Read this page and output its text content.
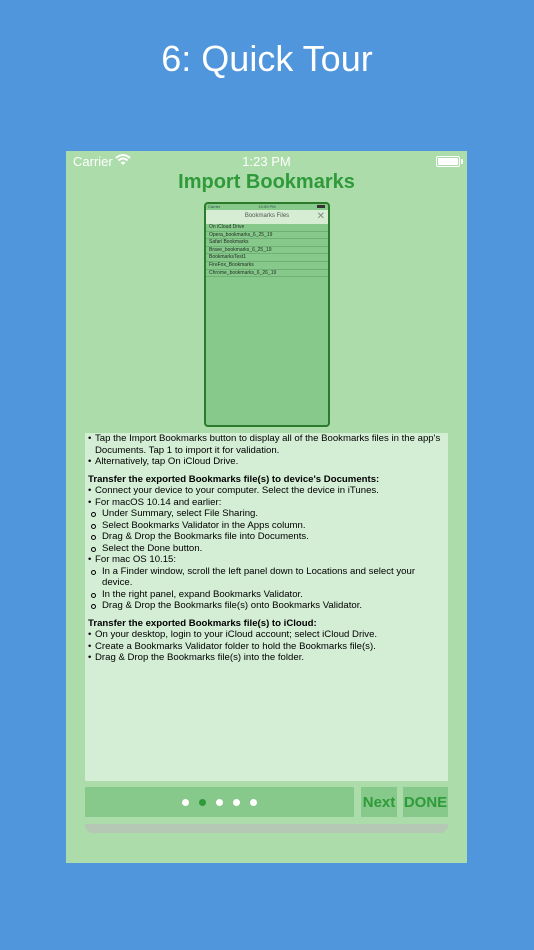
6: Quick Tour
Carrier	1:23 PM
Import Bookmarks
Carrier	10:59 PM
Bookmarks Files	✕
On iCloud Drive
Opera_bookmarks_6_25_19
Safari Bookmarks
Brave_bookmarks_6_25_19
BookmarksTest1
FireFox_Bookmarks
Chrome_bookmarks_6_26_19
• Tap the Import Bookmarks button to display all of the Bookmarks files in the app's Documents. Tap 1 to import it for validation.
• Alternatively, tap On iCloud Drive.
Transfer the exported Bookmarks file(s) to device's Documents:
• Connect your device to your computer. Select the device in iTunes.
• For macOS 10.14 and earlier:
Under Summary, select File Sharing.
Select Bookmarks Validator in the Apps column.
Drag & Drop the Bookmarks file into Documents.
Select the Done button.
• For mac OS 10.15:
In a Finder window, scroll the left panel down to Locations and select your device.
In the right panel, expand Bookmarks Validator.
Drag & Drop the Bookmarks file(s) onto Bookmarks Validator.
Transfer the exported Bookmarks file(s) to iCloud:
• On your desktop, login to your iCloud account; select iCloud Drive.
• Create a Bookmarks Validator folder to hold the Bookmarks file(s).
• Drag & Drop the Bookmarks file(s) into the folder.
Next DONE
